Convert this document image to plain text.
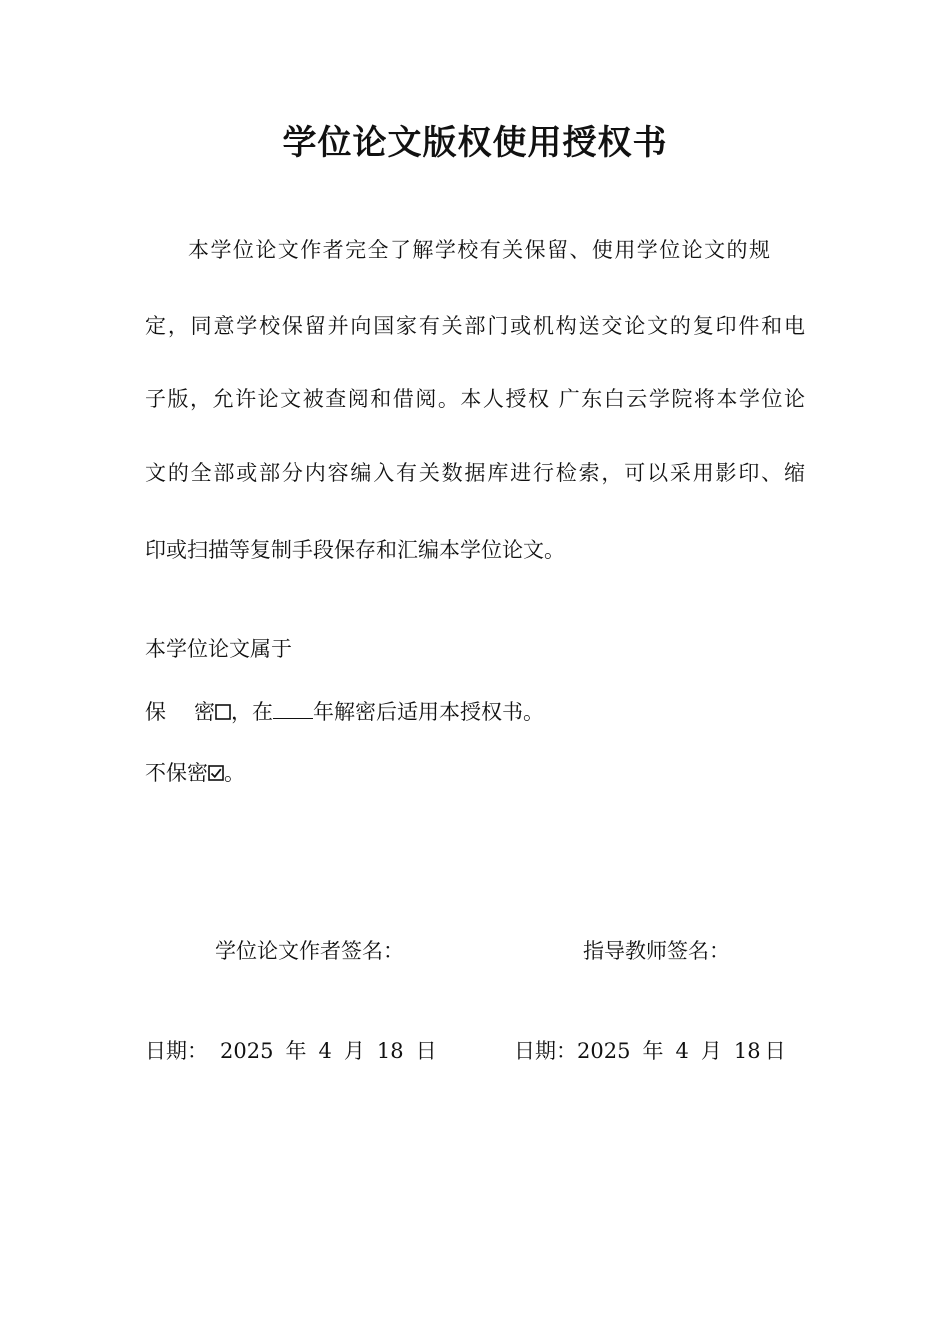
学位论文版权使用授权书

本学位论文作者完全了解学校有关保留、使用学位论文的规

定，同意学校保留并向国家有关部门或机构送交论文的复印件和电

子版，允许论文被查阅和借阅。本人授权 广东白云学院将本学位论

文的全部或部分内容编入有关数据库进行检索，可以采用影印、缩

印或扫描等复制手段保存和汇编本学位论文。

本学位论文属于

保 密 ，在 年解密后适用本授权书。

不保密 。

学位论文作者签名：	指导教师签名：

日期： 2025 年 4 月 18 日	日期：2025 年 4 月 18 日
